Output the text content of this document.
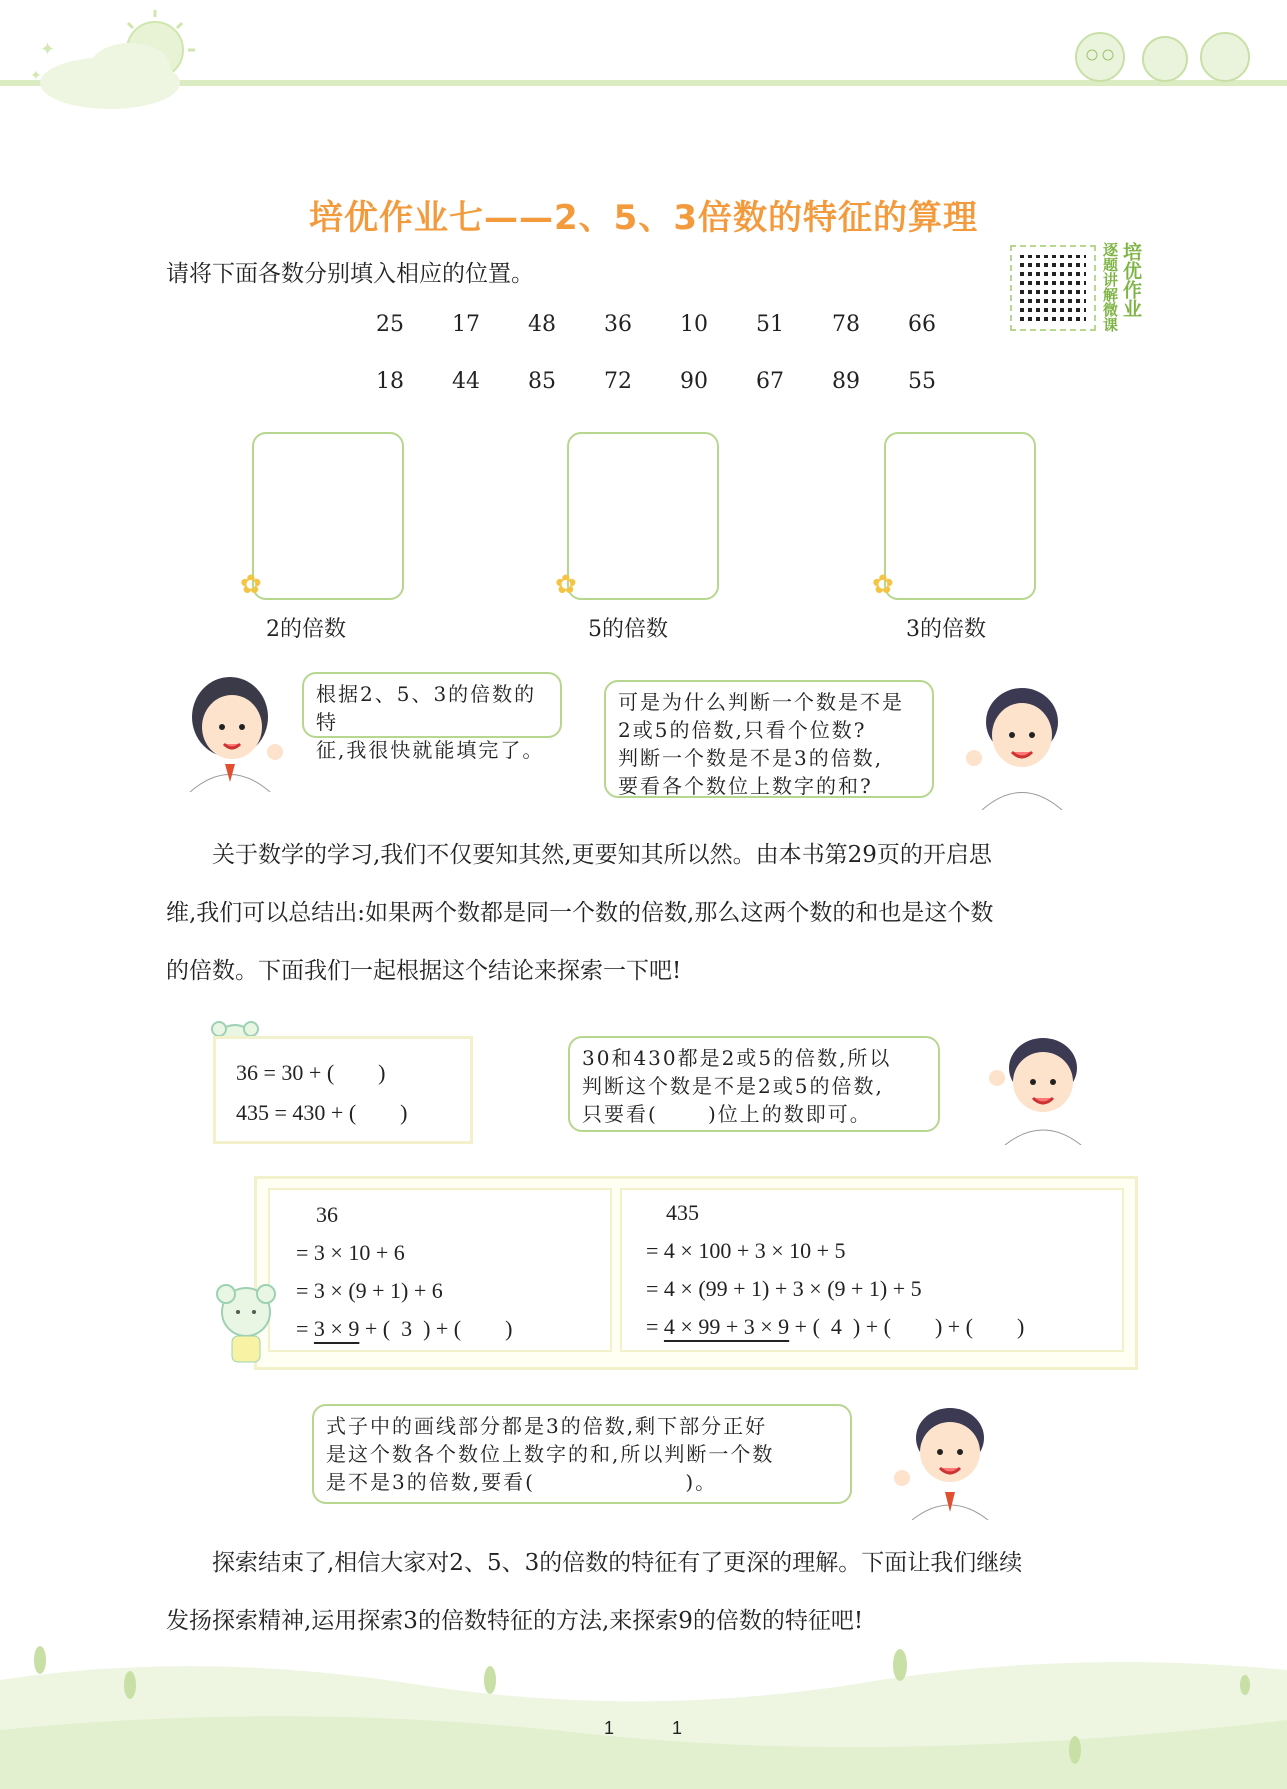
✦
✦
培优作业七——2、5、3倍数的特征的算理
培优作业
逐题讲解微课
请将下面各数分别填入相应的位置。
25	17	48	36	10	51	78	66
18	44	85	72	90	67	89	55
✿
2的倍数
✿
5的倍数
✿
3的倍数
根据2、5、3的倍数的特
征,我很快就能填完了。
可是为什么判断一个数是不是
2或5的倍数,只看个位数?
判断一个数是不是3的倍数,
要看各个数位上数字的和?

关于数学的学习,我们不仅要知其然,更要知其所以然。由本书第29页的开启思

维,我们可以总结出:如果两个数都是同一个数的倍数,那么这两个数的和也是这个数

的倍数。下面我们一起根据这个结论来探索一下吧!

36 = 30 + (        )
435 = 430 + (        )
30和430都是2或5的倍数,所以
判断这个数是不是2或5的倍数,
只要看(      )位上的数即可。
36
= 3 × 10 + 6
= 3 × (9 + 1) + 6
= 3 × 9 + (  3  ) + (        )
435
= 4 × 100 + 3 × 10 + 5
= 4 × (99 + 1) + 3 × (9 + 1) + 5
= 4 × 99 + 3 × 9 + (  4  ) + (        ) + (        )
式子中的画线部分都是3的倍数,剩下部分正好
是这个数各个数位上数字的和,所以判断一个数
是不是3的倍数,要看(                  )。

探索结束了,相信大家对2、5、3的倍数的特征有了更深的理解。下面让我们继续

发扬探索精神,运用探索3的倍数特征的方法,来探索9的倍数的特征吧!

1	1
